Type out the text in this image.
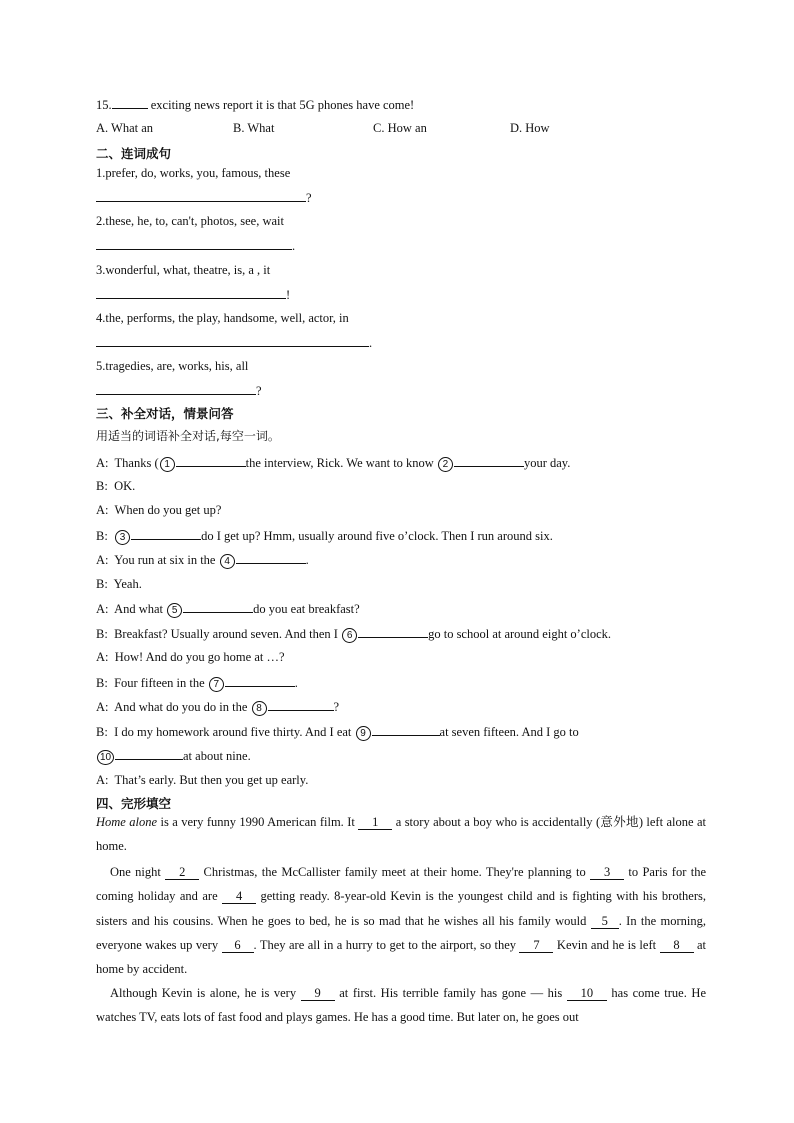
15.	exciting news report it is that 5G phones have come!
A. What an	B. What	C. How an	D. How
二、连词成句
1.prefer, do, works, you, famous, these
?
2.these, he, to, can't, photos, see, wait
.
3.wonderful, what, theatre, is, a , it
!
4.the, performs, the play, handsome, well, actor, in
.
5.tragedies, are, works, his, all
?
三、补全对话，情景问答
用适当的词语补全对话,每空一词。
A: Thanks ( 1	the interview, Rick. We want to know 2	your day.
B: OK.
A: When do you get up?
B: 3	do I get up? Hmm, usually around five o’clock. Then I run around six.
A: You run at six in the 4	.
B: Yeah.
A: And what 5	do you eat breakfast?
B: Breakfast? Usually around seven. And then I 6	go to school at around eight o’clock.
A: How! And do you go home at …?
B: Four fifteen in the 7	.
A: And what do you do in the 8	?
B: I do my homework around five thirty. And I eat 9	at seven fifteen. And I go to
10	at about nine.
A: That’s early. But then you get up early.
四、完形填空
Home alone is a very funny 1990 American film. It 1 a story about a boy who is accidentally (意外地) left alone at home.
One night 2 Christmas, the McCallister family meet at their home. They're planning to 3 to Paris for the coming holiday and are 4 getting ready. 8-year-old Kevin is the youngest child and is fighting with his brothers, sisters and his cousins. When he goes to bed, he is so mad that he wishes all his family would 5 . In the morning, everyone wakes up very 6 . They are all in a hurry to get to the airport, so they 7 Kevin and he is left 8 at home by accident.
Although Kevin is alone, he is very 9 at first. His terrible family has gone — his 10 has come true. He watches TV, eats lots of fast food and plays games. He has a good time. But later on, he goes out
